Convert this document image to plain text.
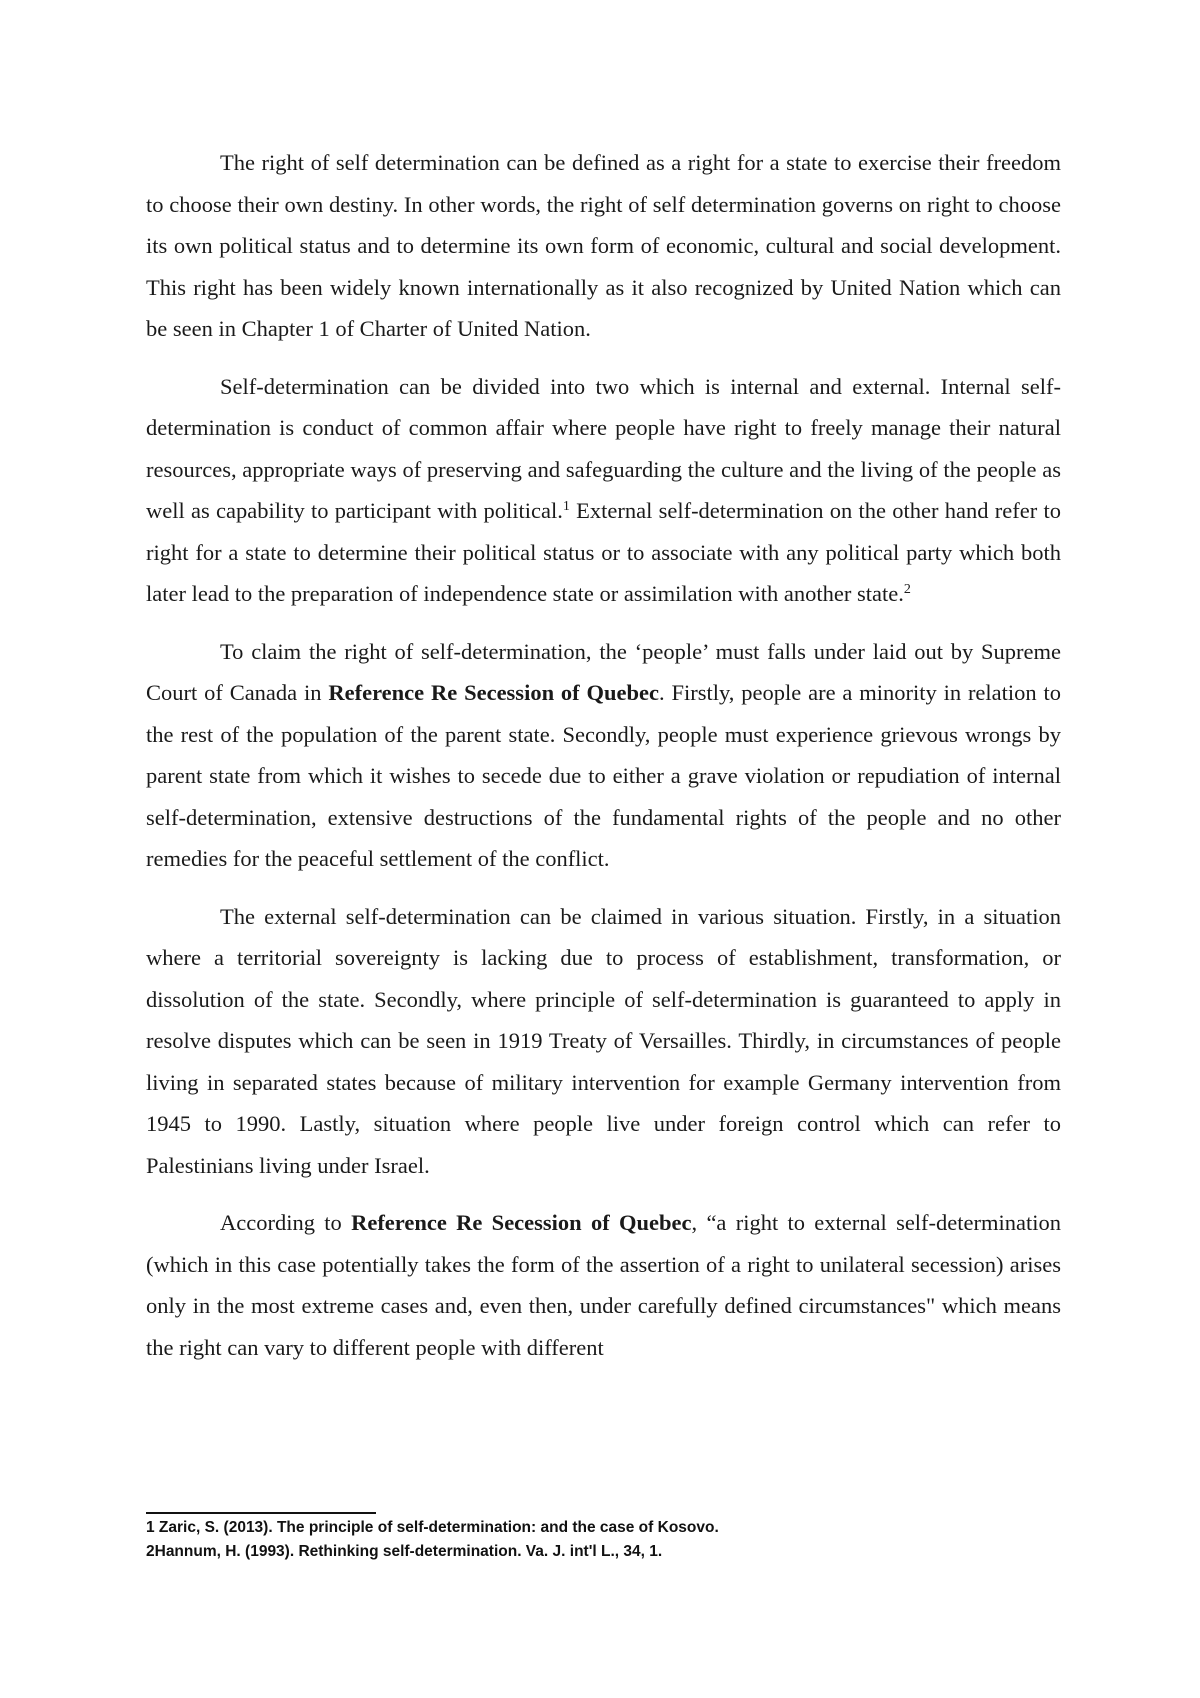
The right of self determination can be defined as a right for a state to exercise their freedom to choose their own destiny. In other words, the right of self determination governs on right to choose its own political status and to determine its own form of economic, cultural and social development. This right has been widely known internationally as it also recognized by United Nation which can be seen in Chapter 1 of Charter of United Nation.

Self-determination can be divided into two which is internal and external. Internal self-determination is conduct of common affair where people have right to freely manage their natural resources, appropriate ways of preserving and safeguarding the culture and the living of the people as well as capability to participant with political.$^1$ External self-determination on the other hand refer to right for a state to determine their political status or to associate with any political party which both later lead to the preparation of independence state or assimilation with another state.$^2$

To claim the right of self-determination, the ‘people’ must falls under laid out by Supreme Court of Canada in Reference Re Secession of Quebec. Firstly, people are a minority in relation to the rest of the population of the parent state. Secondly, people must experience grievous wrongs by parent state from which it wishes to secede due to either a grave violation or repudiation of internal self-determination, extensive destructions of the fundamental rights of the people and no other remedies for the peaceful settlement of the conflict.

The external self-determination can be claimed in various situation. Firstly, in a situation where a territorial sovereignty is lacking due to process of establishment, transformation, or dissolution of the state. Secondly, where principle of self-determination is guaranteed to apply in resolve disputes which can be seen in 1919 Treaty of Versailles. Thirdly, in circumstances of people living in separated states because of military intervention for example Germany intervention from 1945 to 1990. Lastly, situation where people live under foreign control which can refer to Palestinians living under Israel.

According to Reference Re Secession of Quebec, “a right to external self-determination (which in this case potentially takes the form of the assertion of a right to unilateral secession) arises only in the most extreme cases and, even then, under carefully defined circumstances" which means the right can vary to different people with different

1 Zaric, S. (2013). The principle of self-determination: and the case of Kosovo.
2Hannum, H. (1993). Rethinking self-determination. Va. J. int'l L., 34, 1.
